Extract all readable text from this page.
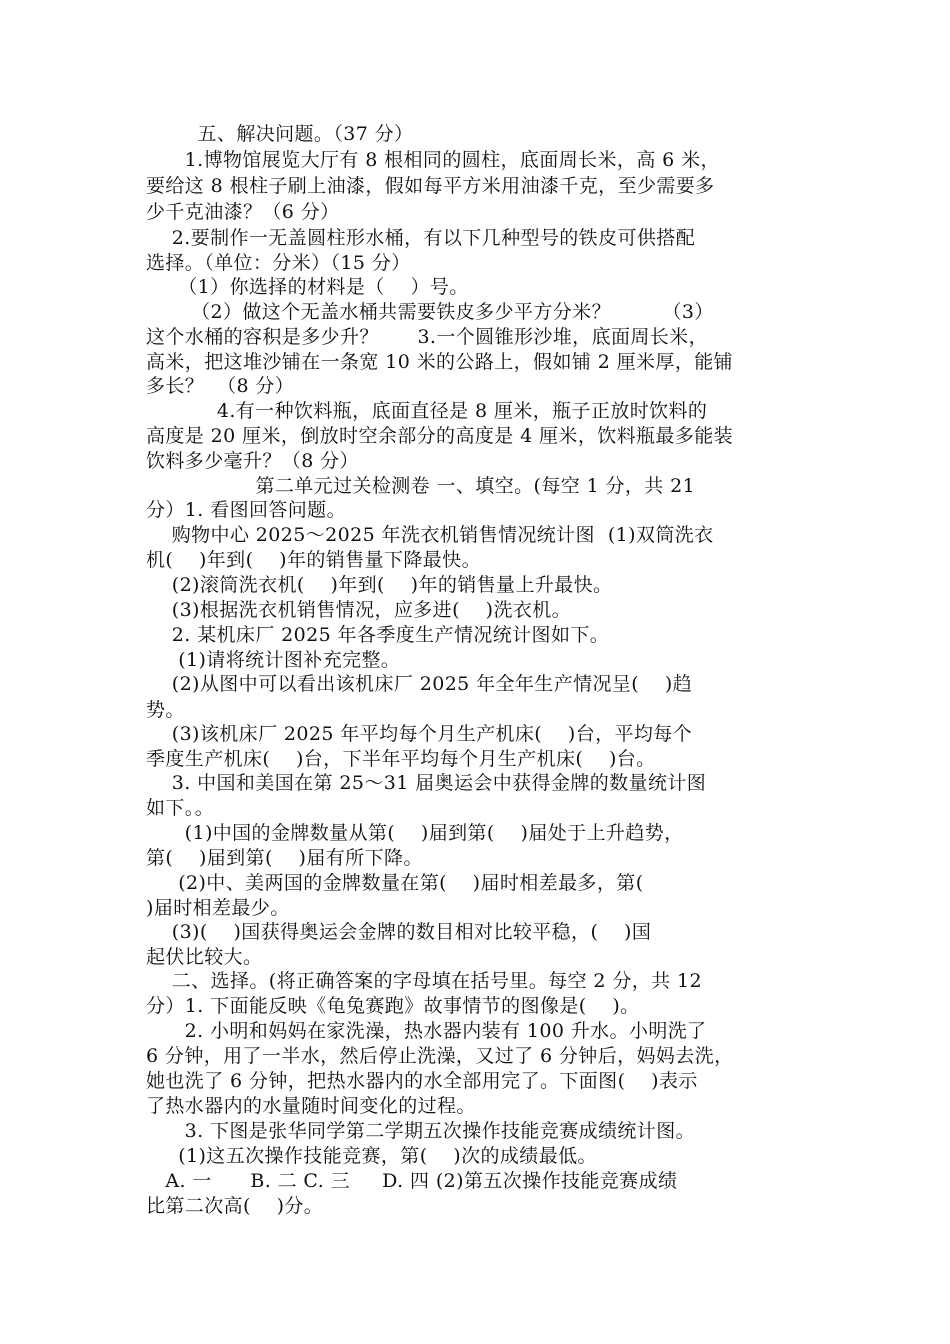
五、解决问题。（37 分）
1.博物馆展览大厅有 8 根相同的圆柱，底面周长米，高 6 米，
要给这 8 根柱子刷上油漆，假如每平方米用油漆千克，至少需要多
少千克油漆？（6 分）
2.要制作一无盖圆柱形水桶，有以下几种型号的铁皮可供搭配
选择。（单位：分米）（15 分）
（1）你选择的材料是（    ）号。
（2）做这个无盖水桶共需要铁皮多少平方分米？        （3）
这个水桶的容积是多少升？      3.一个圆锥形沙堆，底面周长米，
高米，把这堆沙铺在一条宽 10 米的公路上，假如铺 2 厘米厚，能铺
多长？  （8 分）
4.有一种饮料瓶，底面直径是 8 厘米，瓶子正放时饮料的
高度是 20 厘米，倒放时空余部分的高度是 4 厘米，饮料瓶最多能装
饮料多少毫升？（8 分）
第二单元过关检测卷 一、填空。(每空 1 分，共 21
分）1. 看图回答问题。
购物中心 2025～2025 年洗衣机销售情况统计图  (1)双筒洗衣
机(    )年到(    )年的销售量下降最快。
(2)滚筒洗衣机(    )年到(    )年的销售量上升最快。
(3)根据洗衣机销售情况，应多进(    )洗衣机。
2. 某机床厂 2025 年各季度生产情况统计图如下。
(1)请将统计图补充完整。
(2)从图中可以看出该机床厂 2025 年全年生产情况呈(    )趋
势。
(3)该机床厂 2025 年平均每个月生产机床(    )台，平均每个
季度生产机床(    )台，下半年平均每个月生产机床(    )台。
3. 中国和美国在第 25～31 届奥运会中获得金牌的数量统计图
如下。。
(1)中国的金牌数量从第(    )届到第(    )届处于上升趋势，
第(    )届到第(    )届有所下降。
(2)中、美两国的金牌数量在第(    )届时相差最多，第(
)届时相差最少。
(3)(    )国获得奥运会金牌的数目相对比较平稳，(    )国
起伏比较大。
二、选择。(将正确答案的字母填在括号里。每空 2 分，共 12
分）1. 下面能反映《龟兔赛跑》故事情节的图像是(    )。
2. 小明和妈妈在家洗澡，热水器内装有 100 升水。小明洗了
6 分钟，用了一半水，然后停止洗澡，又过了 6 分钟后，妈妈去洗，
她也洗了 6 分钟，把热水器内的水全部用完了。下面图(    )表示
了热水器内的水量随时间变化的过程。
3. 下图是张华同学第二学期五次操作技能竞赛成绩统计图。
(1)这五次操作技能竞赛，第(    )次的成绩最低。
A. 一      B. 二 C. 三     D. 四 (2)第五次操作技能竞赛成绩
比第二次高(    )分。
